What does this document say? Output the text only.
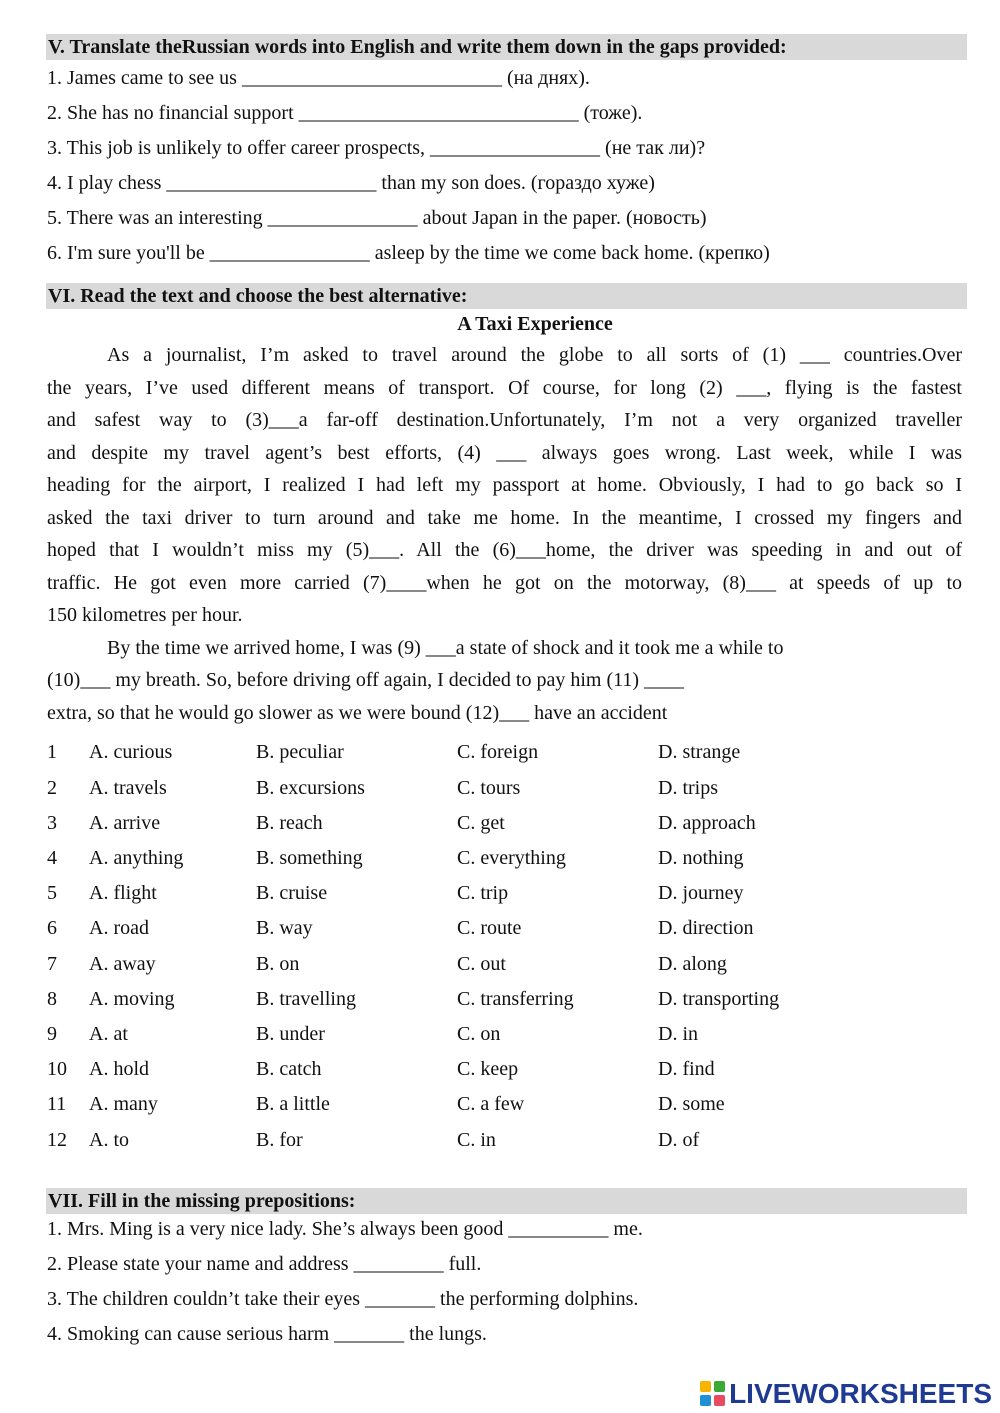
V. Translate theRussian words into English and write them down in the gaps provided:
1. James came to see us __________________________ (на днях).
2. She has no financial support ____________________________ (тоже).
3. This job is unlikely to offer career prospects, _________________ (не так ли)?
4. I play chess _____________________ than my son does. (гораздо хуже)
5. There was an interesting _______________ about Japan in the paper. (новость)
6. I'm sure you'll be ________________ asleep by the time we come back home. (крепко)
VI. Read the text and choose the best alternative:
A Taxi Experience
As a journalist, I’m asked to travel around the globe to all sorts of (1) ___ countries.Over
the years, I’ve used different means of transport. Of course, for long (2) ___, flying is the fastest
and safest way to (3)___a far-off destination.Unfortunately, I’m not a very organized traveller
and despite my travel agent’s best efforts, (4) ___ always goes wrong. Last week, while I was
heading for the airport, I realized I had left my passport at home. Obviously, I had to go back so I
asked the taxi driver to turn around and take me home. In the meantime, I crossed my fingers and
hoped that I wouldn’t miss my (5)___. All the (6)___home, the driver was speeding in and out of
traffic. He got even more carried (7)____when he got on the motorway, (8)___ at speeds of up to
150 kilometres per hour.
By the time we arrived home, I was (9) ___a state of shock and it took me a while to
(10)___ my breath. So, before driving off again, I decided to pay him (11) ____
extra, so that he would go slower as we were bound (12)___ have an accident
1 A. curious	B. peculiar	C. foreign	D. strange
2 A. travels	B. excursions	C. tours	D. trips
3 A. arrive	B. reach	C. get	D. approach
4 A. anything	B. something	C. everything	D. nothing
5 A. flight	B. cruise	C. trip	D. journey
6 A. road	B. way	C. route	D. direction
7 A. away	B. on	C. out	D. along
8 A. moving	B. travelling	C. transferring	D. transporting
9 A. at	B. under	C. on	D. in
10 A. hold	B. catch	C. keep	D. find
11 A. many	B. a little	C. a few	D. some
12 A. to	B. for	C. in	D. of
VII. Fill in the missing prepositions:
1. Mrs. Ming is a very nice lady. She’s always been good __________ me.
2. Please state your name and address _________ full.
3. The children couldn’t take their eyes _______ the performing dolphins.
4. Smoking can cause serious harm _______ the lungs.
LIVEWORKSHEETS
